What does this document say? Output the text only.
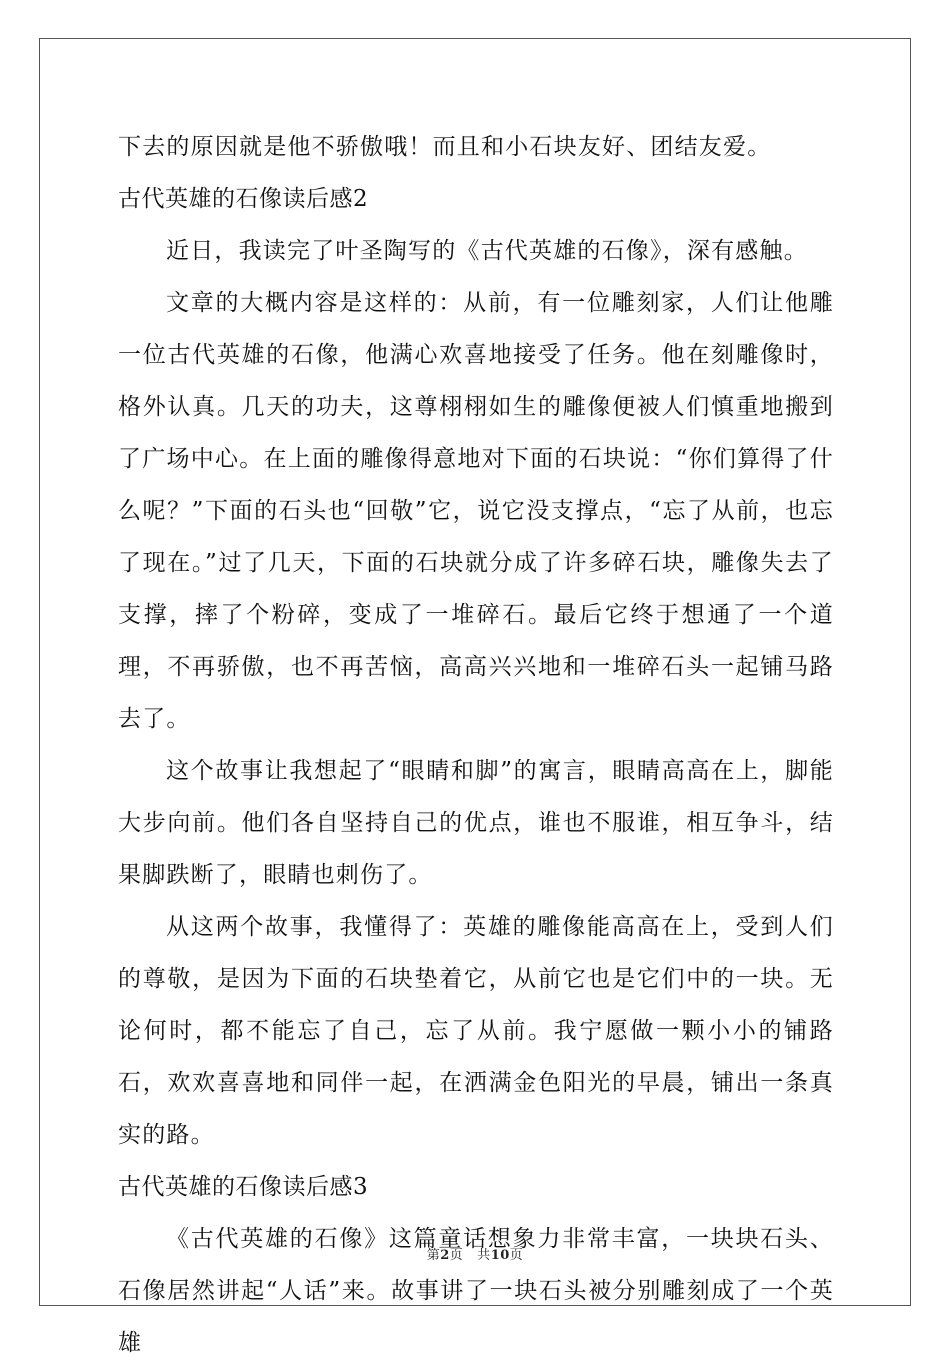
下去的原因就是他不骄傲哦！而且和小石块友好、团结友爱。

古代英雄的石像读后感2

近日，我读完了叶圣陶写的《古代英雄的石像》，深有感触。

文章的大概内容是这样的：从前，有一位雕刻家，人们让他雕一位古代英雄的石像，他满心欢喜地接受了任务。他在刻雕像时，格外认真。几天的功夫，这尊栩栩如生的雕像便被人们慎重地搬到了广场中心。在上面的雕像得意地对下面的石块说：“你们算得了什么呢？”下面的石头也“回敬”它，说它没支撑点，“忘了从前，也忘了现在。”过了几天，下面的石块就分成了许多碎石块，雕像失去了支撑，摔了个粉碎，变成了一堆碎石。最后它终于想通了一个道理，不再骄傲，也不再苦恼，高高兴兴地和一堆碎石头一起铺马路去了。

这个故事让我想起了“眼睛和脚”的寓言，眼睛高高在上，脚能大步向前。他们各自坚持自己的优点，谁也不服谁，相互争斗，结果脚跌断了，眼睛也刺伤了。

从这两个故事，我懂得了：英雄的雕像能高高在上，受到人们的尊敬，是因为下面的石块垫着它，从前它也是它们中的一块。无论何时，都不能忘了自己，忘了从前。我宁愿做一颗小小的铺路石，欢欢喜喜地和同伴一起，在洒满金色阳光的早晨，铺出一条真实的路。

古代英雄的石像读后感3

《古代英雄的石像》这篇童话想象力非常丰富，一块块石头、石像居然讲起“人话”来。故事讲了一块石头被分别雕刻成了一个英雄

第2页 共10页
